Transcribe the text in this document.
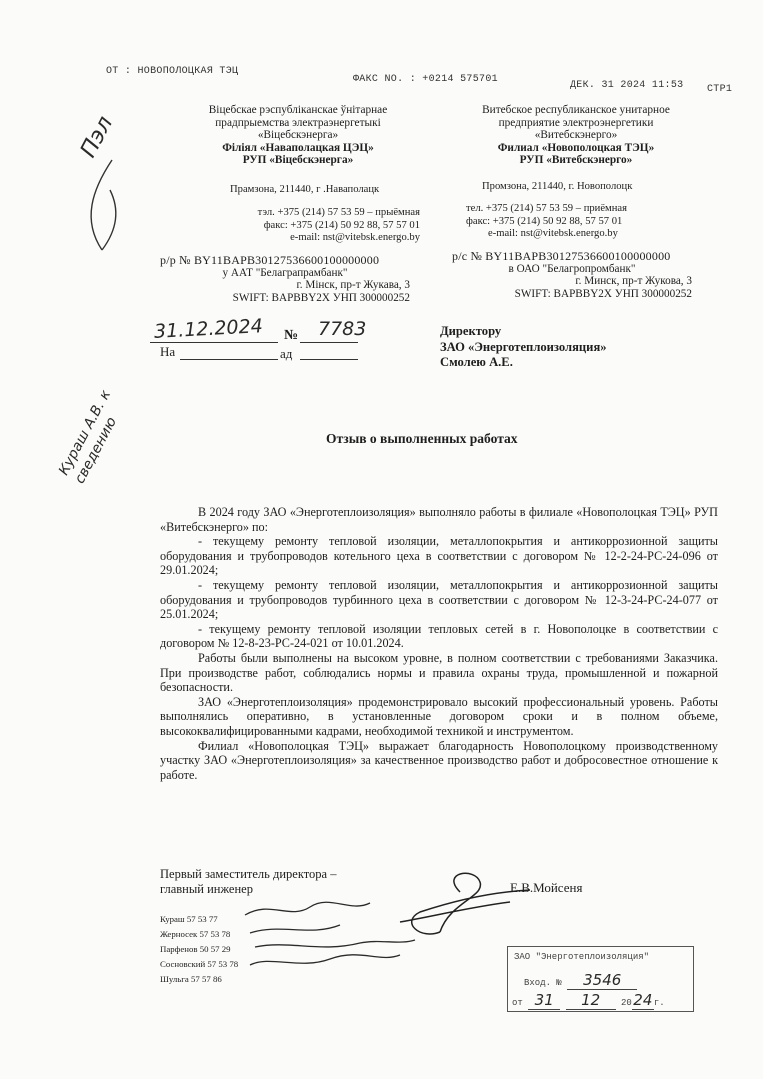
ОТ : НОВОПОЛОЦКАЯ ТЭЦ
ФАКС NO. : +0214 575701
ДЕК. 31 2024 11:53 СТР1
Віцебскае рэспубліканскае ўнітарнае
прадпрыемства электраэнергетыкі
«Віцебскэнерга»
Філіял «Наваполацкая ЦЭЦ»
РУП «Віцебскэнерга»
Прамзона, 211440, г .Наваполацк
тэл. +375 (214) 57 53 59 – прыёмная
факс: +375 (214) 50 92 88, 57 57 01
e-mail: nst@vitebsk.energo.by
р/р № BY11BAPB30127536600100000000
у ААТ "Белаграпрамбанк"
г. Мінск, пр-т Жукава, 3
SWIFT: BAPBBY2X УНП 300000252
Витебское республиканское унитарное
предприятие электроэнергетики
«Витебскэнерго»
Филиал «Новополоцкая ТЭЦ»
РУП «Витебскэнерго»
Промзона, 211440, г. Новополоцк
тел. +375 (214) 57 53 59 – приёмная
факс: +375 (214) 50 92 88, 57 57 01
e-mail: nst@vitebsk.energo.by
р/с № BY11BAPB30127536600100000000
в ОАО "Белагропромбанк"
г. Минск, пр-т Жукова, 3
SWIFT: BAPBBY2X УНП 300000252
31.12.2024 № 7783
На	ад
Директору
ЗАО «Энерготеплоизоляция»
Смолею А.Е.
Пэл
Кураш А.В. к сведению	Отзыв о выполненных работах

В 2024 году ЗАО «Энерготеплоизоляция» выполняло работы в филиале «Новополоцкая ТЭЦ» РУП «Витебскэнерго» по:

- текущему ремонту тепловой изоляции, металлопокрытия и антикоррозионной защиты оборудования и трубопроводов котельного цеха в соответствии с договором № 12-2-24-РС-24-096 от 29.01.2024;

- текущему ремонту тепловой изоляции, металлопокрытия и антикоррозионной защиты оборудования и трубопроводов турбинного цеха в соответствии с договором № 12-3-24-РС-24-077 от 25.01.2024;

- текущему ремонту тепловой изоляции тепловых сетей в г. Новополоцке в соответствии с договором № 12-8-23-РС-24-021 от 10.01.2024.

Работы были выполнены на высоком уровне, в полном соответствии с требованиями Заказчика. При производстве работ, соблюдались нормы и правила охраны труда, промышленной и пожарной безопасности.

ЗАО «Энерготеплоизоляция» продемонстрировало высокий профессиональный уровень. Работы выполнялись оперативно, в установленные договором сроки и в полном объеме, высококвалифицированными кадрами, необходимой техникой и инструментом.

Филиал «Новополоцкая ТЭЦ» выражает благодарность Новополоцкому производственному участку ЗАО «Энерготеплоизоляция» за качественное производство работ и добросовестное отношение к работе.

Первый заместитель директора –
главный инженер	Е.В.Мойсеня
Кураш 57 53 77
Жерносек 57 53 78
Парфенов 50 57 29
Сосновский 57 53 78
Шульга 57 57 86
ЗАО "Энерготеплоизоляция"
Вход. № 3546
от 31 12 2024г.
